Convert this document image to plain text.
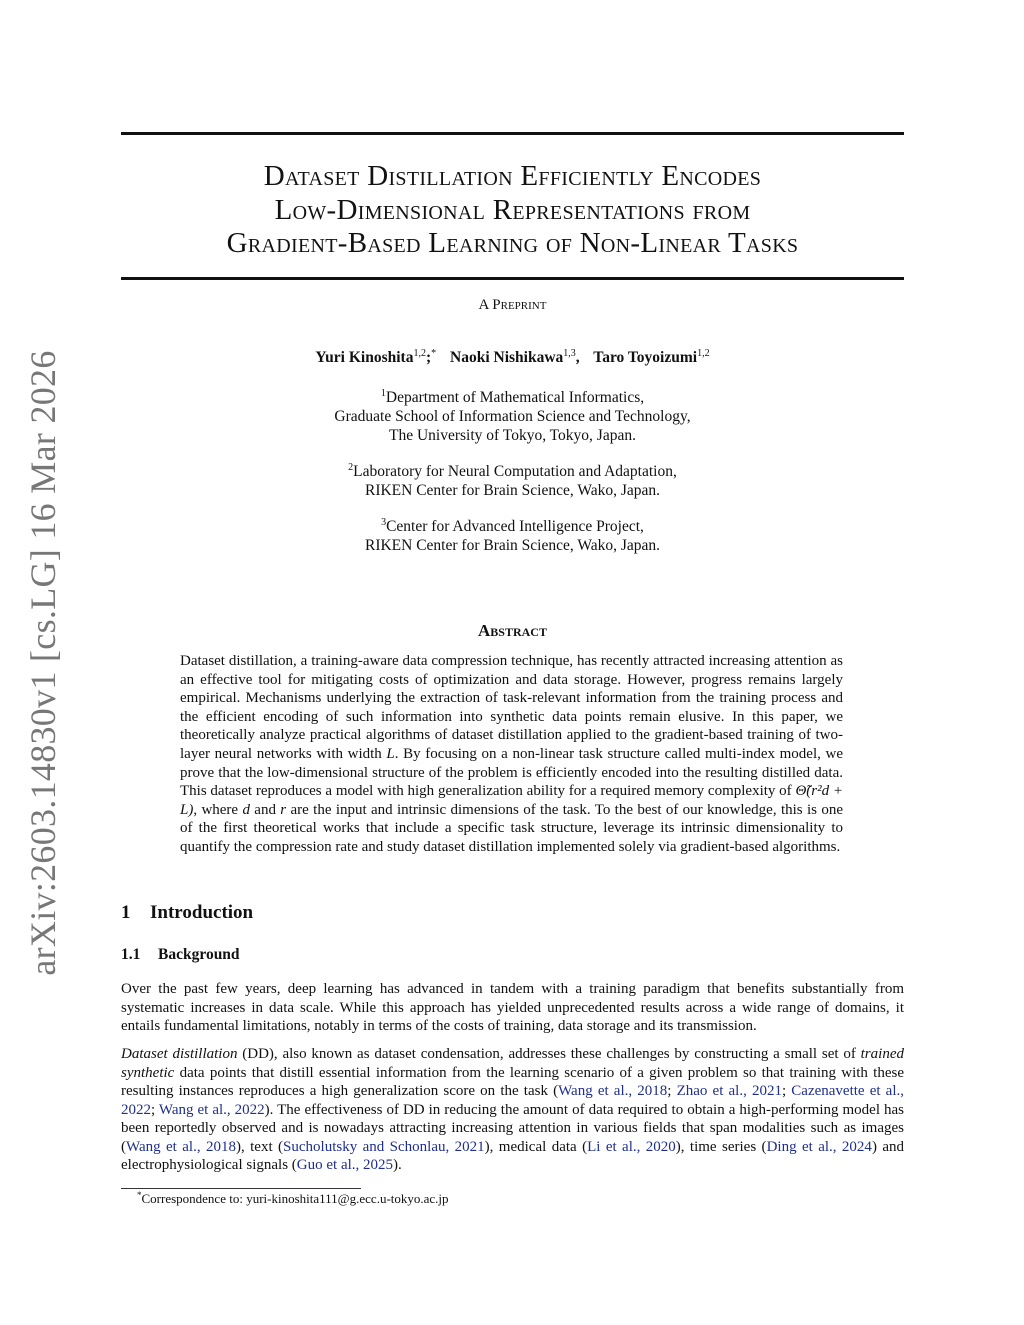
arXiv:2603.14830v1 [cs.LG] 16 Mar 2026
Dataset Distillation Efficiently Encodes
Low-Dimensional Representations from
Gradient-Based Learning of Non-Linear Tasks
A Preprint
Yuri Kinoshita$^{1,2}$;* Naoki Nishikawa$^{1,3}$, Taro Toyoizumi$^{1,2}$
$^1$Department of Mathematical Informatics,
Graduate School of Information Science and Technology,
The University of Tokyo, Tokyo, Japan.
$^2$Laboratory for Neural Computation and Adaptation,
RIKEN Center for Brain Science, Wako, Japan.
$^3$Center for Advanced Intelligence Project,
RIKEN Center for Brain Science, Wako, Japan.
Abstract
Dataset distillation, a training-aware data compression technique, has recently attracted increasing attention as an effective tool for mitigating costs of optimization and data storage. However, progress remains largely empirical. Mechanisms underlying the extraction of task-relevant information from the training process and the efficient encoding of such information into synthetic data points remain elusive. In this paper, we theoretically analyze practical algorithms of dataset distillation applied to the gradient-based training of two-layer neural networks with width L. By focusing on a non-linear task structure called multi-index model, we prove that the low-dimensional structure of the problem is efficiently encoded into the resulting distilled data. This dataset reproduces a model with high generalization ability for a required memory complexity of Θ̃(r²d + L), where d and r are the input and intrinsic dimensions of the task. To the best of our knowledge, this is one of the first theoretical works that include a specific task structure, leverage its intrinsic dimensionality to quantify the compression rate and study dataset distillation implemented solely via gradient-based algorithms.
1 Introduction
1.1 Background

Over the past few years, deep learning has advanced in tandem with a training paradigm that benefits substantially from systematic increases in data scale. While this approach has yielded unprecedented results across a wide range of domains, it entails fundamental limitations, notably in terms of the costs of training, data storage and its transmission.

Dataset distillation (DD), also known as dataset condensation, addresses these challenges by constructing a small set of trained synthetic data points that distill essential information from the learning scenario of a given problem so that training with these resulting instances reproduces a high generalization score on the task (Wang et al., 2018; Zhao et al., 2021; Cazenavette et al., 2022; Wang et al., 2022). The effectiveness of DD in reducing the amount of data required to obtain a high-performing model has been reportedly observed and is nowadays attracting increasing attention in various fields that span modalities such as images (Wang et al., 2018), text (Sucholutsky and Schonlau, 2021), medical data (Li et al., 2020), time series (Ding et al., 2024) and electrophysiological signals (Guo et al., 2025).

*Correspondence to: yuri-kinoshita111@g.ecc.u-tokyo.ac.jp
